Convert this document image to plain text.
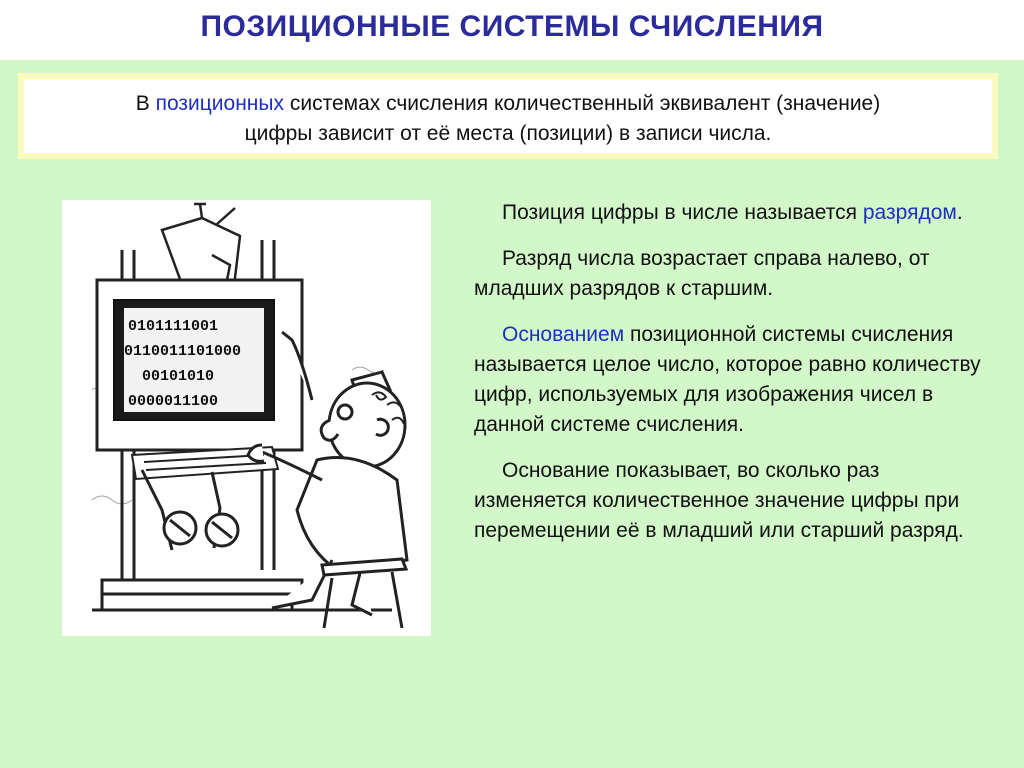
ПОЗИЦИОННЫЕ СИСТЕМЫ СЧИСЛЕНИЯ
В позиционных системах счисления количественный эквивалент (значение)
цифры зависит от её места (позиции) в записи числа.
0101111001
0110011101000
00101010
0000011100

Позиция цифры в числе называется разрядом.

Разряд числа возрастает справа налево, от младших разрядов к старшим.

Основанием позиционной системы счисления называется целое число, которое равно количеству цифр, используемых для изображения чисел в данной системе счисления.

Основание показывает, во сколько раз изменяется количественное значение цифры при перемещении её в младший или старший разряд.
